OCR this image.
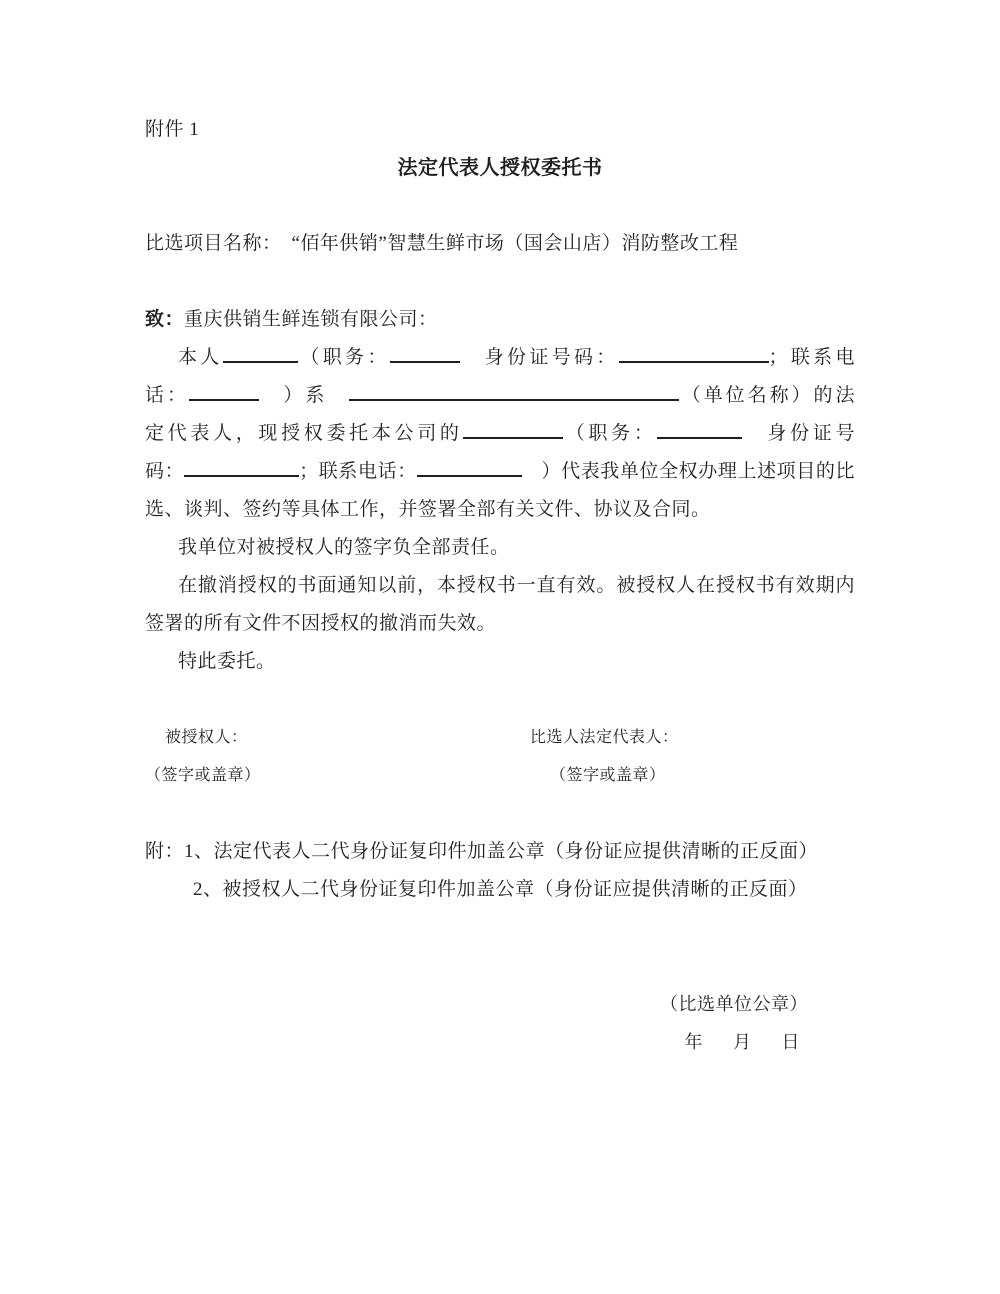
附件 1
法定代表人授权委托书
比选项目名称：　“佰年供销”智慧生鲜市场（国会山店）消防整改工程
致：重庆供销生鲜连锁有限公司：
本人	（职务：	　身份证号码：	；联系电
话：	　）系　	（单位名称）的法
定代表人，现授权委托本公司的	（职务：	　身份证号
码：	；联系电话：	　）代表我单位全权办理上述项目的比
选、谈判、签约等具体工作，并签署全部有关文件、协议及合同。
我单位对被授权人的签字负全部责任。
在撤消授权的书面通知以前，本授权书一直有效。被授权人在授权书有效期内
签署的所有文件不因授权的撤消而失效。
特此委托。
被授权人：	比选人法定代表人：
（签字或盖章）	（签字或盖章）
附：1、法定代表人二代身份证复印件加盖公章（身份证应提供清晰的正反面）
2、被授权人二代身份证复印件加盖公章（身份证应提供清晰的正反面）
（比选单位公章）
年 月 日
